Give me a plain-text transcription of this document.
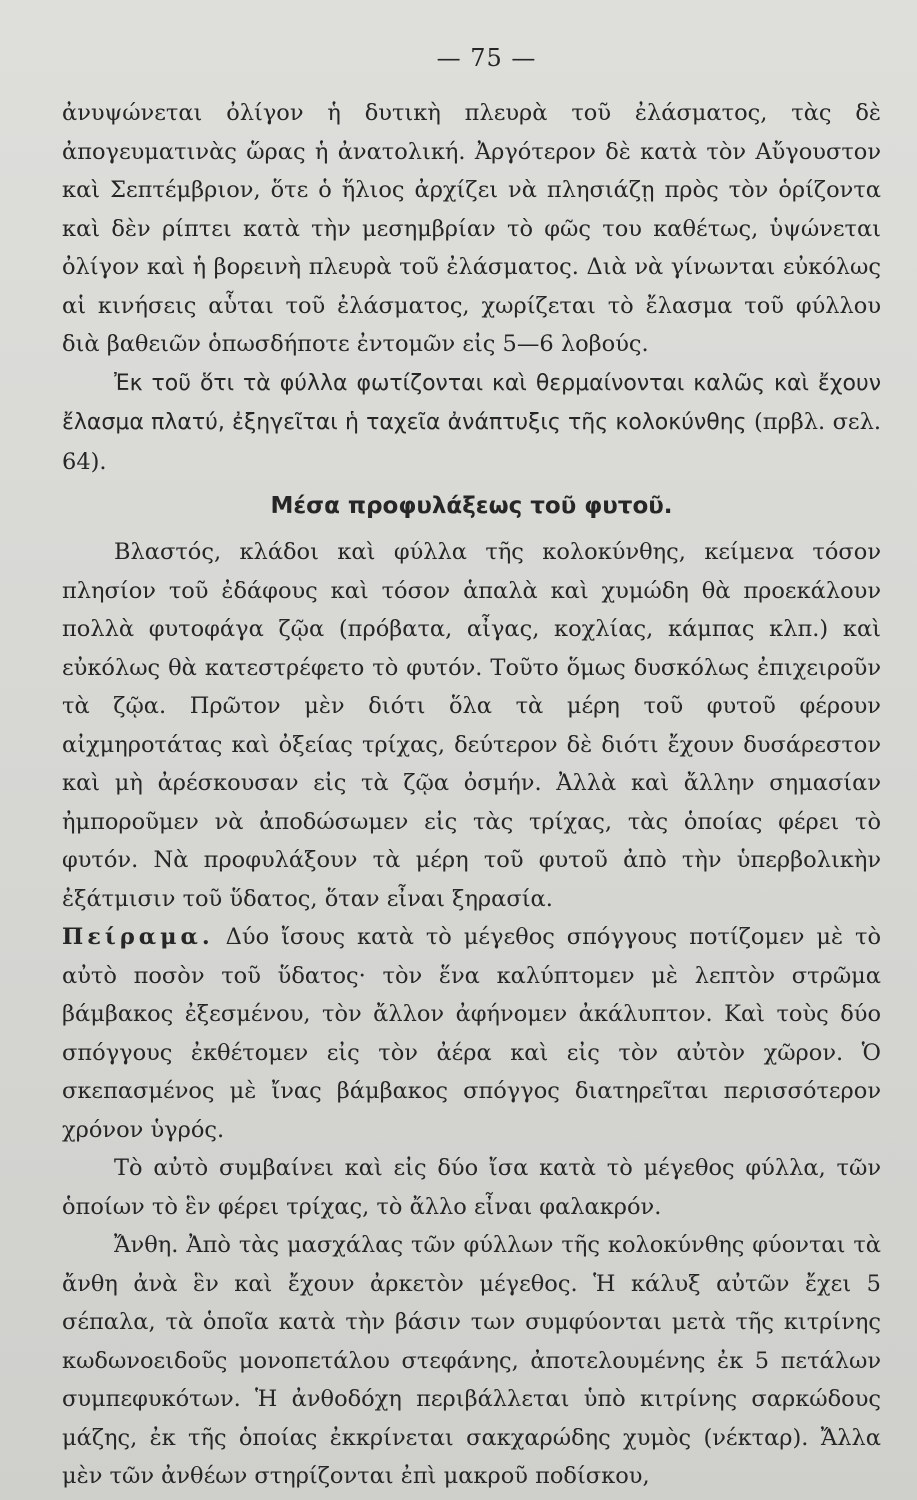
— 75 —

ἀνυψώνεται ὀλίγον ἡ δυτικὴ πλευρὰ τοῦ ἐλάσματος, τὰς δὲ ἀπογευματινὰς ὥρας ἡ ἀνατολική. Ἀργότερον δὲ κατὰ τὸν Αὔγουστον καὶ Σεπτέμβριον, ὅτε ὁ ἥλιος ἀρχίζει νὰ πλησιάζῃ πρὸς τὸν ὁρίζοντα καὶ δὲν ρίπτει κατὰ τὴν μεσημβρίαν τὸ φῶς του καθέτως, ὑψώνεται ὀλίγον καὶ ἡ βορεινὴ πλευρὰ τοῦ ἐλάσματος. Διὰ νὰ γίνωνται εὐκόλως αἱ κινήσεις αὗται τοῦ ἐλάσματος, χωρίζεται τὸ ἔλασμα τοῦ φύλλου διὰ βαθειῶν ὁπωσδήποτε ἐντομῶν εἰς 5—6 λοβούς.

Ἐκ τοῦ ὅτι τὰ φύλλα φωτίζονται καὶ θερμαίνονται καλῶς καὶ ἔχουν ἔλασμα πλατύ, ἐξηγεῖται ἡ ταχεῖα ἀνάπτυξις τῆς κολοκύνθης (πρβλ. σελ. 64).

Μέσα προφυλάξεως τοῦ φυτοῦ.

Βλαστός, κλάδοι καὶ φύλλα τῆς κολοκύνθης, κείμενα τόσον πλησίον τοῦ ἐδάφους καὶ τόσον ἁπαλὰ καὶ χυμώδη θὰ προεκάλουν πολλὰ φυτοφάγα ζῷα (πρόβατα, αἶγας, κοχλίας, κάμπας κλπ.) καὶ εὐκόλως θὰ κατεστρέφετο τὸ φυτόν. Τοῦτο ὅμως δυσκόλως ἐπιχειροῦν τὰ ζῷα. Πρῶτον μὲν διότι ὅλα τὰ μέρη τοῦ φυτοῦ φέρουν αἰχμηροτάτας καὶ ὀξείας τρίχας, δεύτερον δὲ διότι ἔχουν δυσάρεστον καὶ μὴ ἀρέσκουσαν εἰς τὰ ζῷα ὀσμήν. Ἀλλὰ καὶ ἄλλην σημασίαν ἠμποροῦμεν νὰ ἀποδώσωμεν εἰς τὰς τρίχας, τὰς ὁποίας φέρει τὸ φυτόν. Νὰ προφυλάξουν τὰ μέρη τοῦ φυτοῦ ἀπὸ τὴν ὑπερβολικὴν ἐξάτμισιν τοῦ ὕδατος, ὅταν εἶναι ξηρασία.

Πείραμα. Δύο ἴσους κατὰ τὸ μέγεθος σπόγγους ποτίζομεν μὲ τὸ αὐτὸ ποσὸν τοῦ ὕδατος· τὸν ἕνα καλύπτομεν μὲ λεπτὸν στρῶμα βάμβακος ἐξεσμένου, τὸν ἄλλον ἀφήνομεν ἀκάλυπτον. Καὶ τοὺς δύο σπόγγους ἐκθέτομεν εἰς τὸν ἀέρα καὶ εἰς τὸν αὐτὸν χῶρον. Ὁ σκεπασμένος μὲ ἴνας βάμβακος σπόγγος διατηρεῖται περισσότερον χρόνον ὑγρός.

Τὸ αὐτὸ συμβαίνει καὶ εἰς δύο ἴσα κατὰ τὸ μέγεθος φύλλα, τῶν ὁποίων τὸ ἓν φέρει τρίχας, τὸ ἄλλο εἶναι φαλακρόν.

Ἄνθη. Ἀπὸ τὰς μασχάλας τῶν φύλλων τῆς κολοκύνθης φύονται τὰ ἄνθη ἀνὰ ἓν καὶ ἔχουν ἀρκετὸν μέγεθος. Ἡ κάλυξ αὐτῶν ἔχει 5 σέπαλα, τὰ ὁποῖα κατὰ τὴν βάσιν των συμφύονται μετὰ τῆς κιτρίνης κωδωνοειδοῦς μονοπετάλου στεφάνης, ἀποτελουμένης ἐκ 5 πετάλων συμπεφυκότων. Ἡ ἀνθοδόχη περιβάλλεται ὑπὸ κιτρίνης σαρκώδους μάζης, ἐκ τῆς ὁποίας ἐκκρίνεται σακχαρώδης χυμὸς (νέκταρ). Ἄλλα μὲν τῶν ἀνθέων στηρίζονται ἐπὶ μακροῦ ποδίσκου,
